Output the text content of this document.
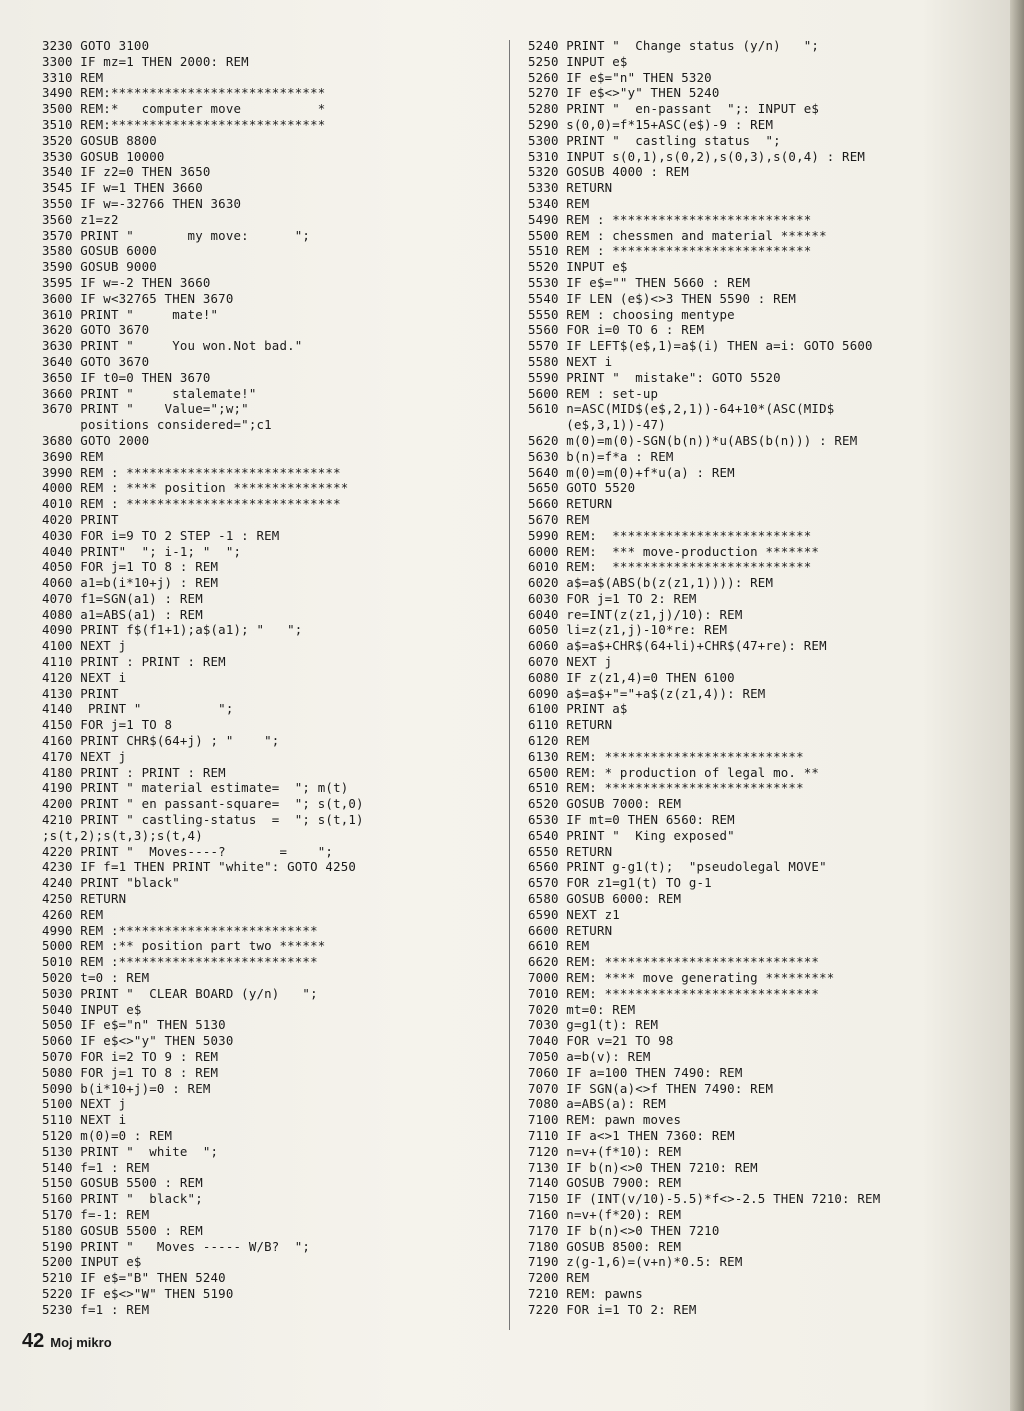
3230 GOTO 3100
3300 IF mz=1 THEN 2000: REM
3310 REM
3490 REM:****************************
3500 REM:*   computer move          *
3510 REM:****************************
3520 GOSUB 8800
3530 GOSUB 10000
3540 IF z2=0 THEN 3650
3545 IF w=1 THEN 3660
3550 IF w=-32766 THEN 3630
3560 z1=z2
3570 PRINT "       my move:      ";
3580 GOSUB 6000
3590 GOSUB 9000
3595 IF w=-2 THEN 3660
3600 IF w<32765 THEN 3670
3610 PRINT "     mate!"
3620 GOTO 3670
3630 PRINT "     You won.Not bad."
3640 GOTO 3670
3650 IF t0=0 THEN 3670
3660 PRINT "     stalemate!"
3670 PRINT "    Value=";w;"
positions considered=";c1
3680 GOTO 2000
3690 REM
3990 REM : ****************************
4000 REM : **** position ***************
4010 REM : ****************************
4020 PRINT
4030 FOR i=9 TO 2 STEP -1 : REM
4040 PRINT"  "; i-1; "  ";
4050 FOR j=1 TO 8 : REM
4060 a1=b(i*10+j) : REM
4070 f1=SGN(a1) : REM
4080 a1=ABS(a1) : REM
4090 PRINT f$(f1+1);a$(a1); "   ";
4100 NEXT j
4110 PRINT : PRINT : REM
4120 NEXT i
4130 PRINT
4140  PRINT "          ";
4150 FOR j=1 TO 8
4160 PRINT CHR$(64+j) ; "    ";
4170 NEXT j
4180 PRINT : PRINT : REM
4190 PRINT " material estimate=  "; m(t)
4200 PRINT " en passant-square=  "; s(t,0)
4210 PRINT " castling-status  =  "; s(t,1)
;s(t,2);s(t,3);s(t,4)
4220 PRINT "  Moves----?       =    ";
4230 IF f=1 THEN PRINT "white": GOTO 4250
4240 PRINT "black"
4250 RETURN
4260 REM
4990 REM :**************************
5000 REM :** position part two ******
5010 REM :**************************
5020 t=0 : REM
5030 PRINT "  CLEAR BOARD (y/n)   ";
5040 INPUT e$
5050 IF e$="n" THEN 5130
5060 IF e$<>"y" THEN 5030
5070 FOR i=2 TO 9 : REM
5080 FOR j=1 TO 8 : REM
5090 b(i*10+j)=0 : REM
5100 NEXT j
5110 NEXT i
5120 m(0)=0 : REM
5130 PRINT "  white  ";
5140 f=1 : REM
5150 GOSUB 5500 : REM
5160 PRINT "  black";
5170 f=-1: REM
5180 GOSUB 5500 : REM
5190 PRINT "   Moves ----- W/B?  ";
5200 INPUT e$
5210 IF e$="B" THEN 5240
5220 IF e$<>"W" THEN 5190
5230 f=1 : REM
5240 PRINT "  Change status (y/n)   ";
5250 INPUT e$
5260 IF e$="n" THEN 5320
5270 IF e$<>"y" THEN 5240
5280 PRINT "  en-passant  ";: INPUT e$
5290 s(0,0)=f*15+ASC(e$)-9 : REM
5300 PRINT "  castling status  ";
5310 INPUT s(0,1),s(0,2),s(0,3),s(0,4) : REM
5320 GOSUB 4000 : REM
5330 RETURN
5340 REM
5490 REM : **************************
5500 REM : chessmen and material ******
5510 REM : **************************
5520 INPUT e$
5530 IF e$="" THEN 5660 : REM
5540 IF LEN (e$)<>3 THEN 5590 : REM
5550 REM : choosing mentype
5560 FOR i=0 TO 6 : REM
5570 IF LEFT$(e$,1)=a$(i) THEN a=i: GOTO 5600
5580 NEXT i
5590 PRINT "  mistake": GOTO 5520
5600 REM : set-up
5610 n=ASC(MID$(e$,2,1))-64+10*(ASC(MID$
(e$,3,1))-47)
5620 m(0)=m(0)-SGN(b(n))*u(ABS(b(n))) : REM
5630 b(n)=f*a : REM
5640 m(0)=m(0)+f*u(a) : REM
5650 GOTO 5520
5660 RETURN
5670 REM
5990 REM:  **************************
6000 REM:  *** move-production *******
6010 REM:  **************************
6020 a$=a$(ABS(b(z(z1,1)))): REM
6030 FOR j=1 TO 2: REM
6040 re=INT(z(z1,j)/10): REM
6050 li=z(z1,j)-10*re: REM
6060 a$=a$+CHR$(64+li)+CHR$(47+re): REM
6070 NEXT j
6080 IF z(z1,4)=0 THEN 6100
6090 a$=a$+"="+a$(z(z1,4)): REM
6100 PRINT a$
6110 RETURN
6120 REM
6130 REM: **************************
6500 REM: * production of legal mo. **
6510 REM: **************************
6520 GOSUB 7000: REM
6530 IF mt=0 THEN 6560: REM
6540 PRINT "  King exposed"
6550 RETURN
6560 PRINT g-g1(t);  "pseudolegal MOVE"
6570 FOR z1=g1(t) TO g-1
6580 GOSUB 6000: REM
6590 NEXT z1
6600 RETURN
6610 REM
6620 REM: ****************************
7000 REM: **** move generating *********
7010 REM: ****************************
7020 mt=0: REM
7030 g=g1(t): REM
7040 FOR v=21 TO 98
7050 a=b(v): REM
7060 IF a=100 THEN 7490: REM
7070 IF SGN(a)<>f THEN 7490: REM
7080 a=ABS(a): REM
7100 REM: pawn moves
7110 IF a<>1 THEN 7360: REM
7120 n=v+(f*10): REM
7130 IF b(n)<>0 THEN 7210: REM
7140 GOSUB 7900: REM
7150 IF (INT(v/10)-5.5)*f<>-2.5 THEN 7210: REM
7160 n=v+(f*20): REM
7170 IF b(n)<>0 THEN 7210
7180 GOSUB 8500: REM
7190 z(g-1,6)=(v+n)*0.5: REM
7200 REM
7210 REM: pawns
7220 FOR i=1 TO 2: REM
42 Moj mikro
